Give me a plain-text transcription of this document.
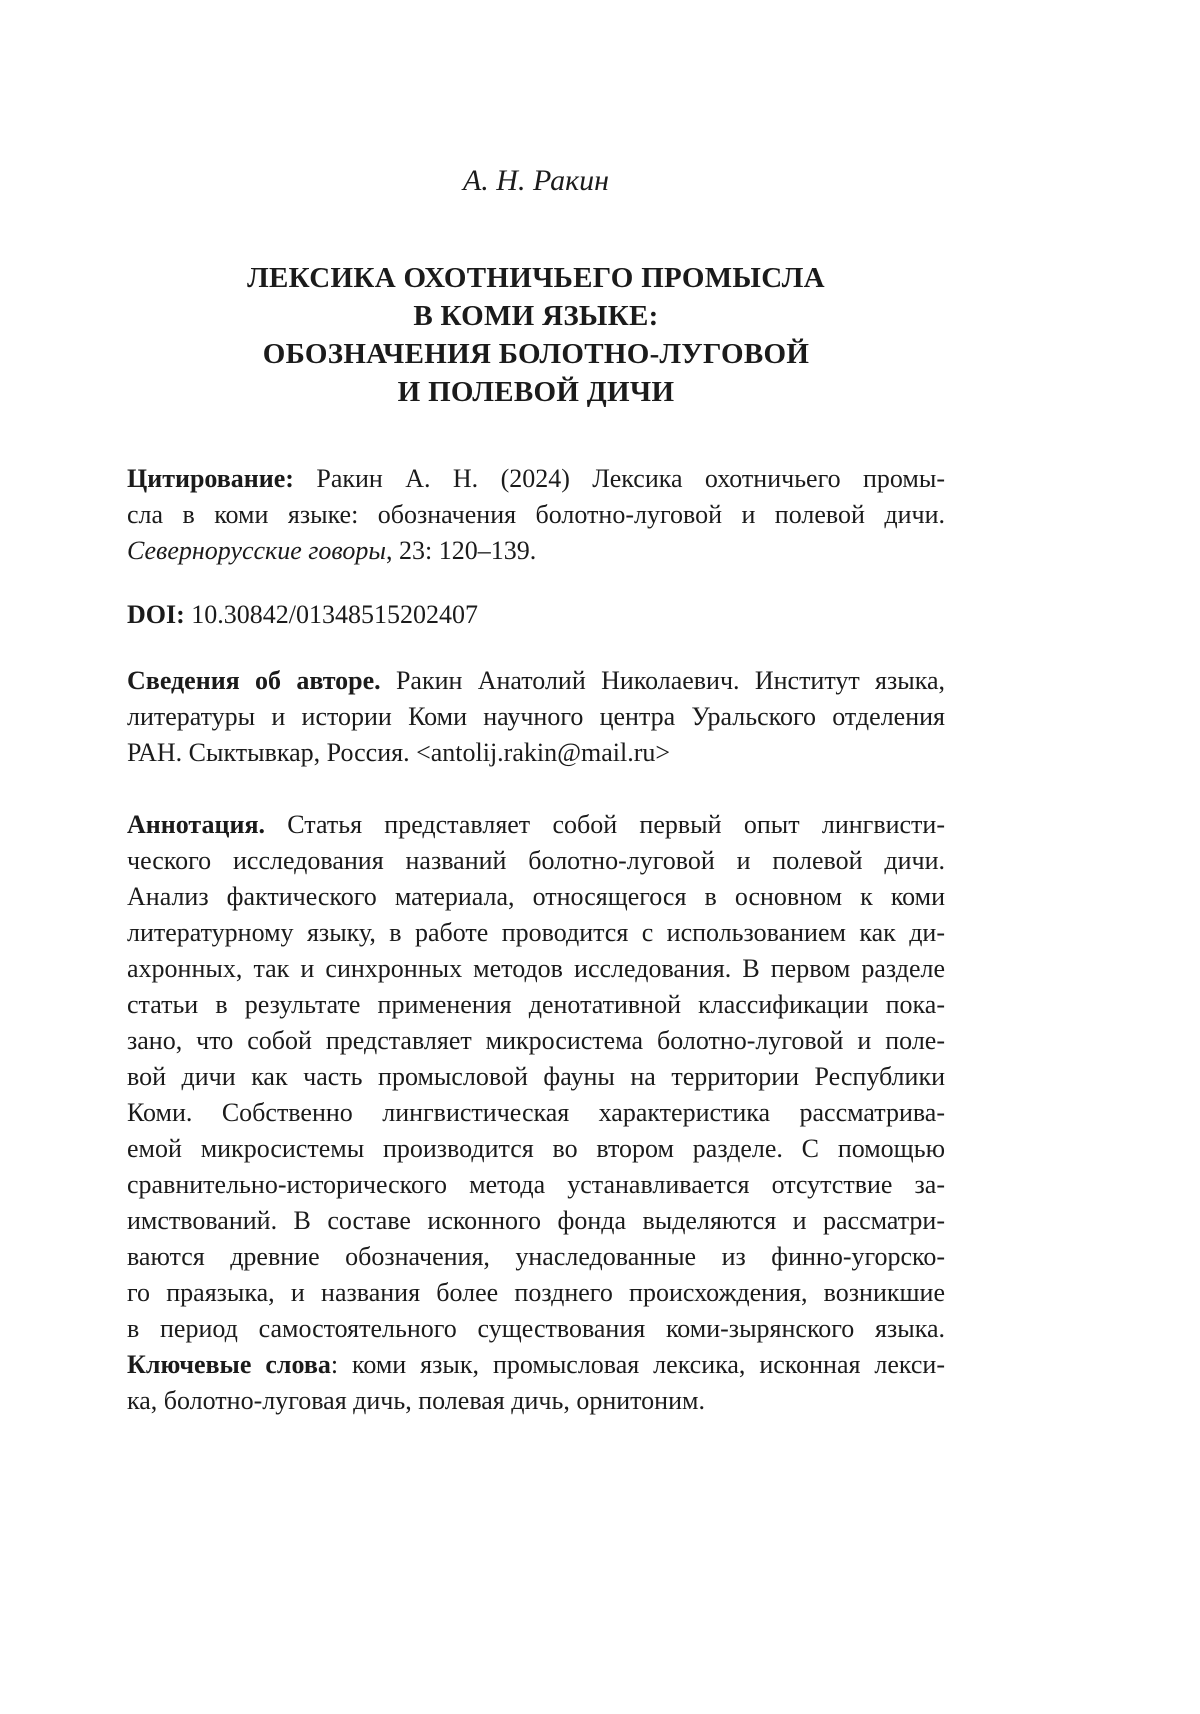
А. Н. Ракин
ЛЕКСИКА ОХОТНИЧЬЕГО ПРОМЫСЛА
В КОМИ ЯЗЫКЕ:
ОБОЗНАЧЕНИЯ БОЛОТНО-ЛУГОВОЙ
И ПОЛЕВОЙ ДИЧИ
Цитирование: Ракин А. Н. (2024) Лексика охотничьего промы-
сла в коми языке: обозначения болотно-луговой и полевой дичи.
Севернорусские говоры, 23: 120–139.
DOI: 10.30842/01348515202407
Сведения об авторе. Ракин Анатолий Николаевич. Институт языка,
литературы и истории Коми научного центра Уральского отделения
РАН. Сыктывкар, Россия. <antolij.rakin@mail.ru>
Аннотация. Статья представляет собой первый опыт лингвисти-
ческого исследования названий болотно-луговой и полевой дичи.
Анализ фактического материала, относящегося в основном к коми
литературному языку, в работе проводится с использованием как ди-
ахронных, так и синхронных методов исследования. В первом разделе
статьи в результате применения денотативной классификации пока-
зано, что собой представляет микросистема болотно-луговой и поле-
вой дичи как часть промысловой фауны на территории Республики
Коми. Собственно лингвистическая характеристика рассматрива-
емой микросистемы производится во втором разделе. С помощью
сравнительно-исторического метода устанавливается отсутствие за-
имствований. В составе исконного фонда выделяются и рассматри-
ваются древние обозначения, унаследованные из финно-угорско-
го праязыка, и названия более позднего происхождения, возникшие
в период самостоятельного существования коми-зырянского языка.
Ключевые слова: коми язык, промысловая лексика, исконная лекси-
ка, болотно-луговая дичь, полевая дичь, орнитоним.
